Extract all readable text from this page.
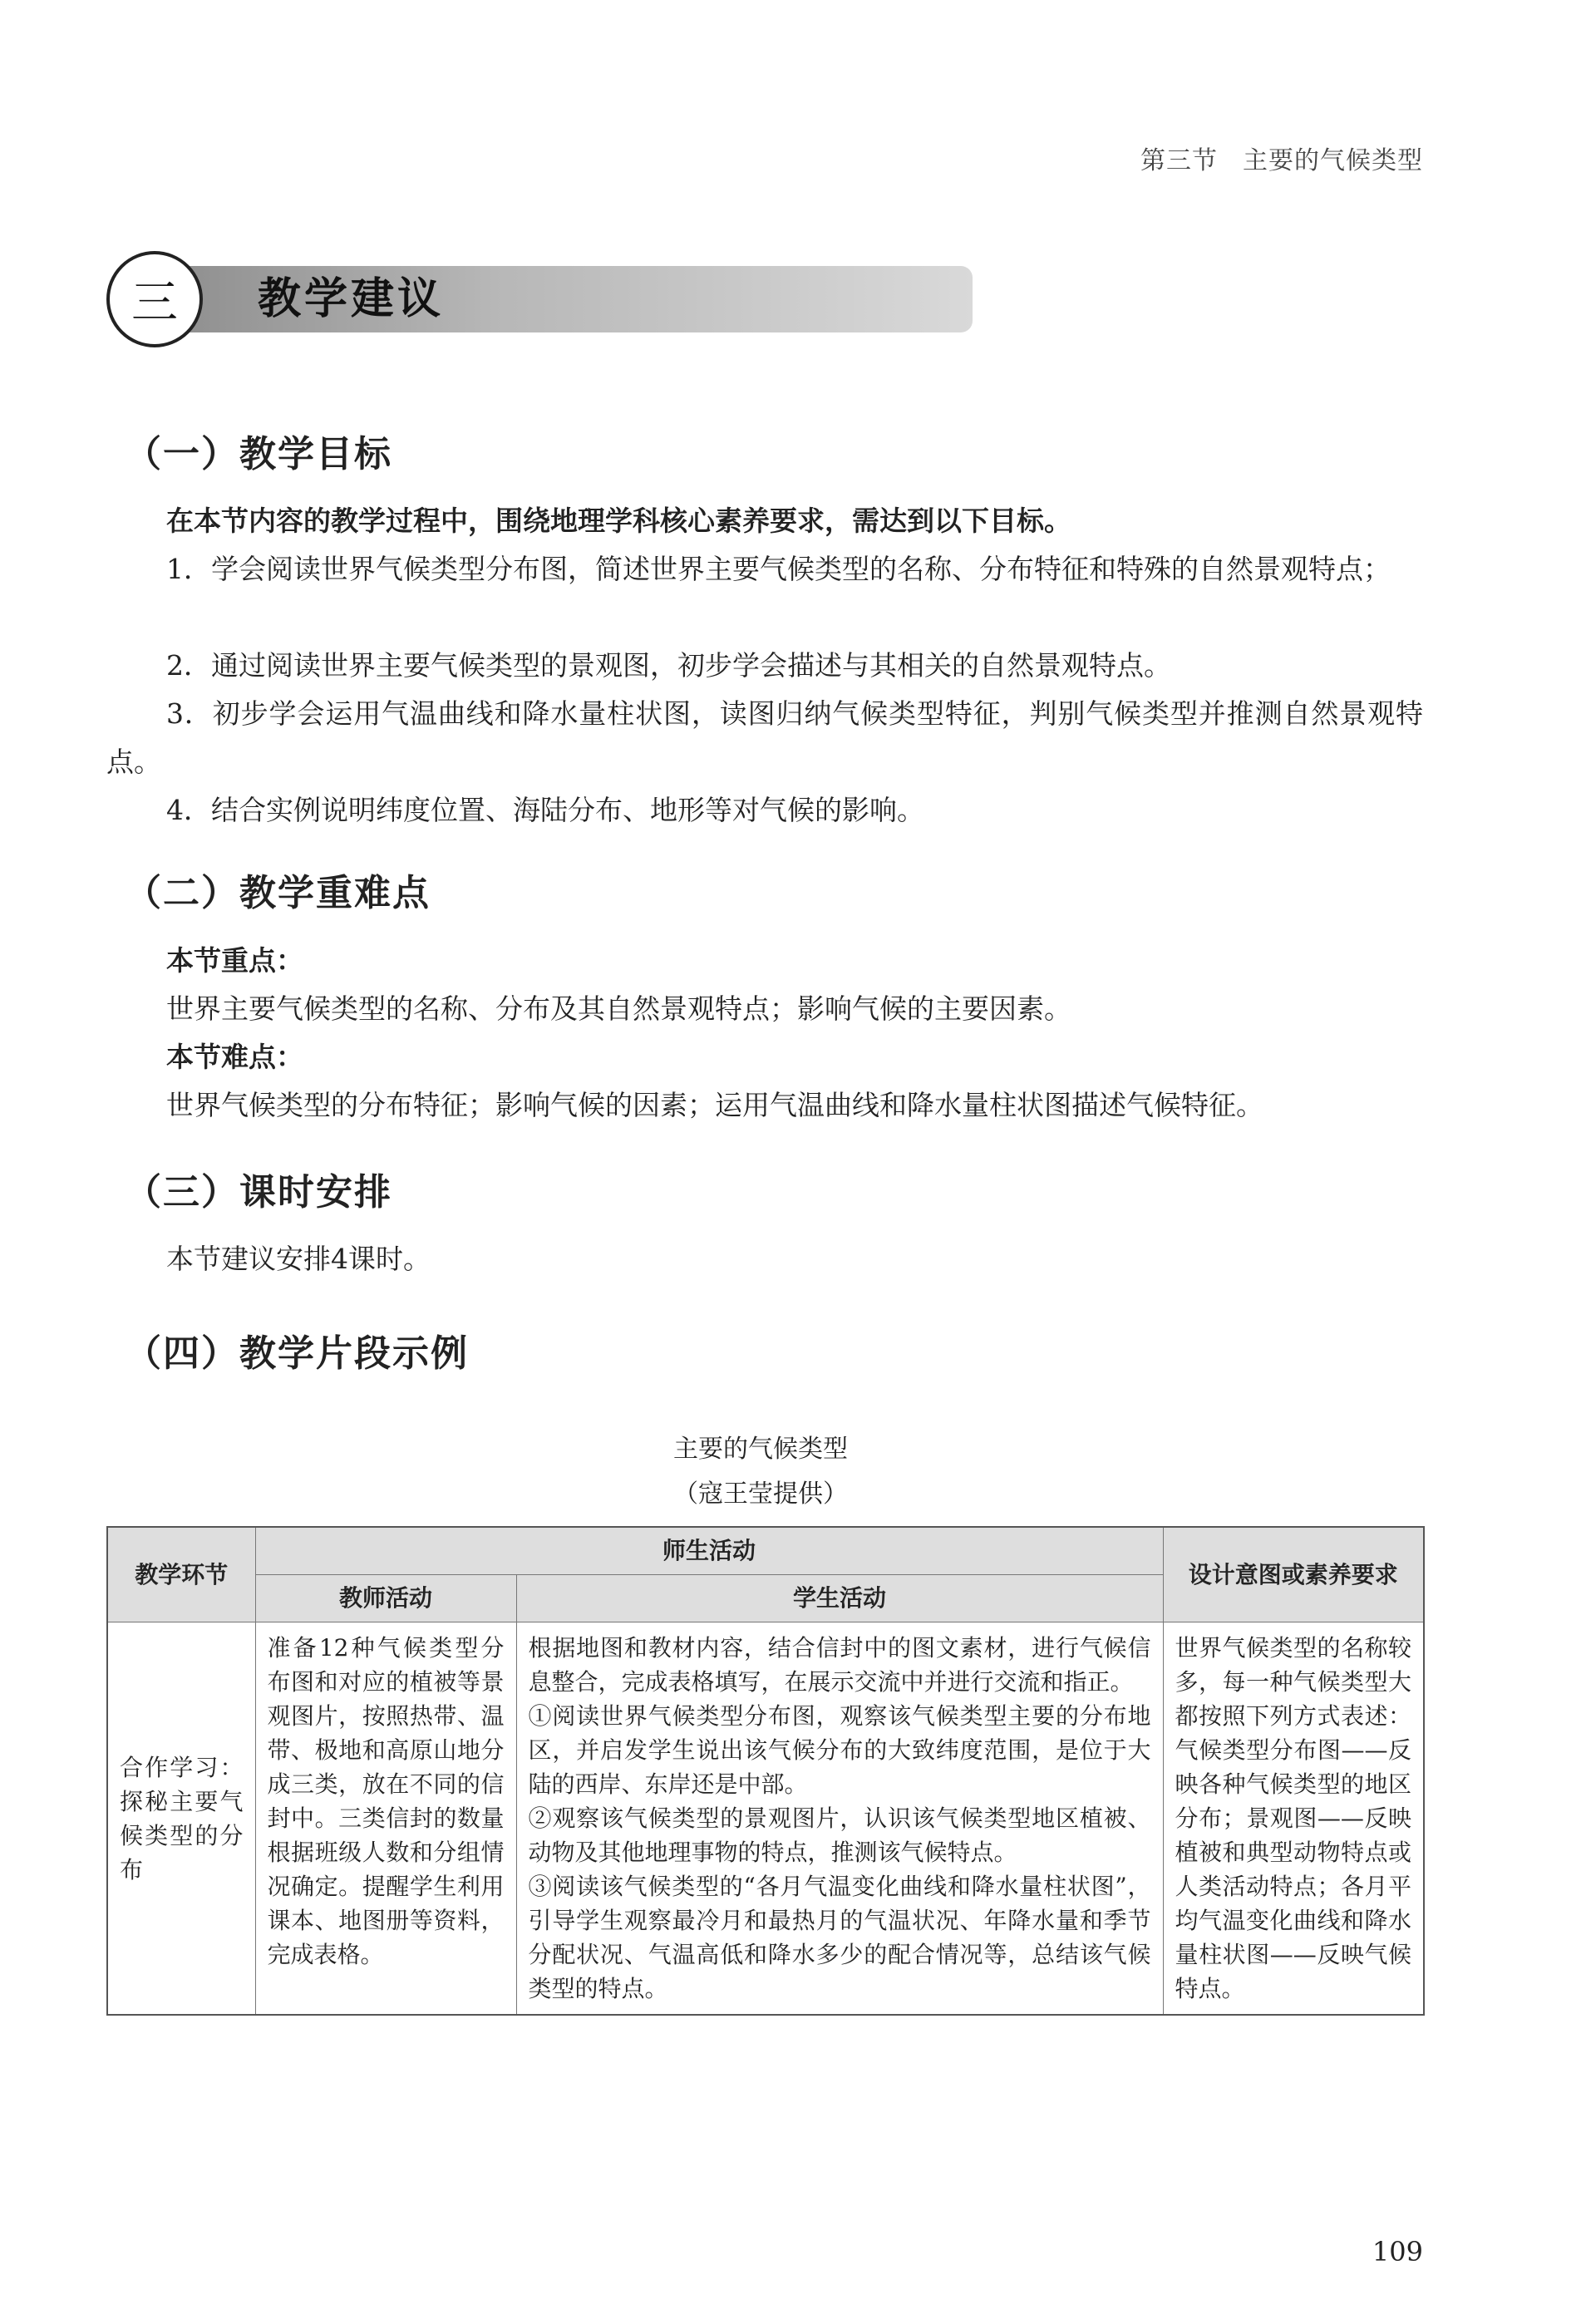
第三节 主要的气候类型
三	教学建议
（一）教学目标

在本节内容的教学过程中，围绕地理学科核心素养要求，需达到以下目标。

1．学会阅读世界气候类型分布图，简述世界主要气候类型的名称、分布特征和特殊的自然景观特点；

2．通过阅读世界主要气候类型的景观图，初步学会描述与其相关的自然景观特点。

3．初步学会运用气温曲线和降水量柱状图，读图归纳气候类型特征，判别气候类型并推测自然景观特点。

4．结合实例说明纬度位置、海陆分布、地形等对气候的影响。

（二）教学重难点

本节重点：

世界主要气候类型的名称、分布及其自然景观特点；影响气候的主要因素。

本节难点：

世界气候类型的分布特征；影响气候的因素；运用气温曲线和降水量柱状图描述气候特征。

（三）课时安排

本节建议安排4课时。

（四）教学片段示例
主要的气候类型
（寇王莹提供）
教学环节	师生活动		设计意图或素养要求
	教师活动	学生活动	
合作学习：探秘主要气候类型的分布	准备12种气候类型分布图和对应的植被等景观图片，按照热带、温带、极地和高原山地分成三类，放在不同的信封中。三类信封的数量根据班级人数和分组情况确定。提醒学生利用课本、地图册等资料，完成表格。	根据地图和教材内容，结合信封中的图文素材，进行气候信息整合，完成表格填写，在展示交流中并进行交流和指正。
①阅读世界气候类型分布图，观察该气候类型主要的分布地区，并启发学生说出该气候分布的大致纬度范围，是位于大陆的西岸、东岸还是中部。
②观察该气候类型的景观图片，认识该气候类型地区植被、动物及其他地理事物的特点，推测该气候特点。
③阅读该气候类型的“各月气温变化曲线和降水量柱状图”，引导学生观察最冷月和最热月的气温状况、年降水量和季节分配状况、气温高低和降水多少的配合情况等，总结该气候类型的特点。	世界气候类型的名称较多，每一种气候类型大都按照下列方式表述：气候类型分布图——反映各种气候类型的地区分布；景观图——反映植被和典型动物特点或人类活动特点；各月平均气温变化曲线和降水量柱状图——反映气候特点。
109
